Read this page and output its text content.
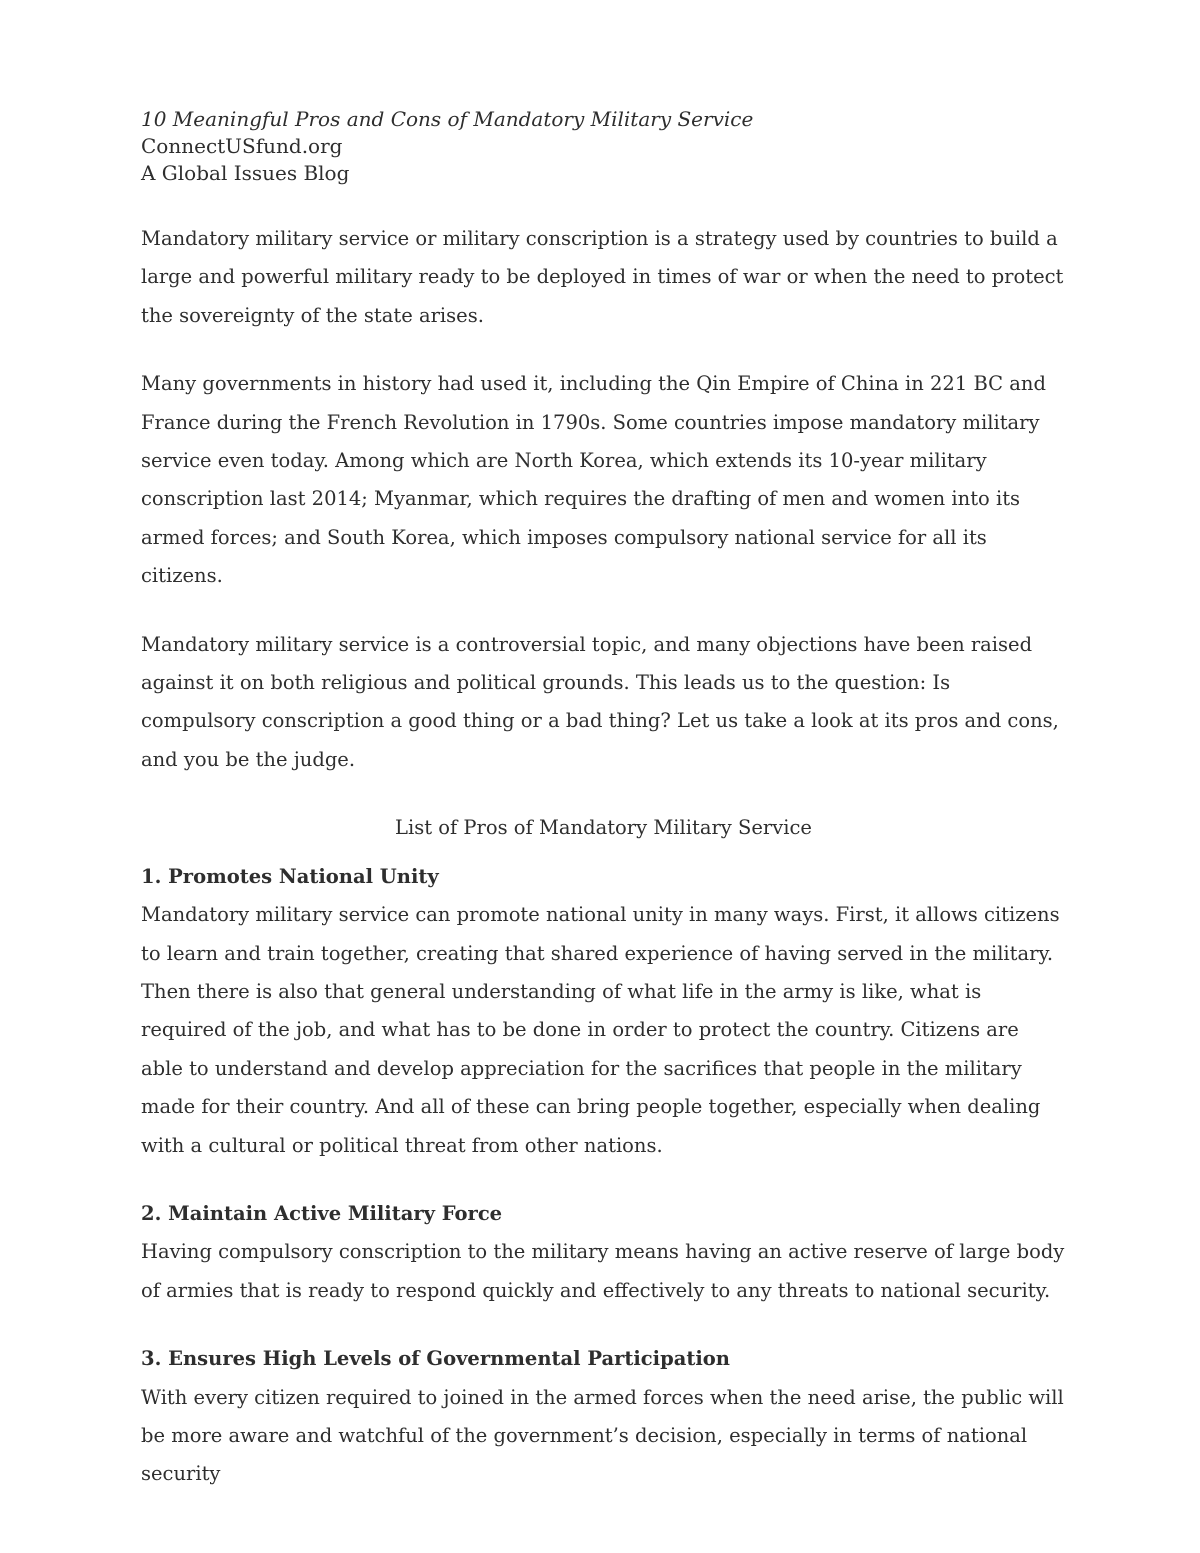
10 Meaningful Pros and Cons of Mandatory Military Service

ConnectUSfund.org

A Global Issues Blog

Mandatory military service or military conscription is a strategy used by countries to build a large and powerful military ready to be deployed in times of war or when the need to protect the sovereignty of the state arises.

Many governments in history had used it, including the Qin Empire of China in 221 BC and France during the French Revolution in 1790s. Some countries impose mandatory military service even today. Among which are North Korea, which extends its 10-year military conscription last 2014; Myanmar, which requires the drafting of men and women into its armed forces; and South Korea, which imposes compulsory national service for all its citizens.

Mandatory military service is a controversial topic, and many objections have been raised against it on both religious and political grounds. This leads us to the question: Is compulsory conscription a good thing or a bad thing? Let us take a look at its pros and cons, and you be the judge.

List of Pros of Mandatory Military Service

1. Promotes National Unity

Mandatory military service can promote national unity in many ways. First, it allows citizens to learn and train together, creating that shared experience of having served in the military. Then there is also that general understanding of what life in the army is like, what is required of the job, and what has to be done in order to protect the country. Citizens are able to understand and develop appreciation for the sacrifices that people in the military made for their country. And all of these can bring people together, especially when dealing with a cultural or political threat from other nations.

2. Maintain Active Military Force

Having compulsory conscription to the military means having an active reserve of large body of armies that is ready to respond quickly and effectively to any threats to national security.

3. Ensures High Levels of Governmental Participation

With every citizen required to joined in the armed forces when the need arise, the public will be more aware and watchful of the government’s decision, especially in terms of national security
